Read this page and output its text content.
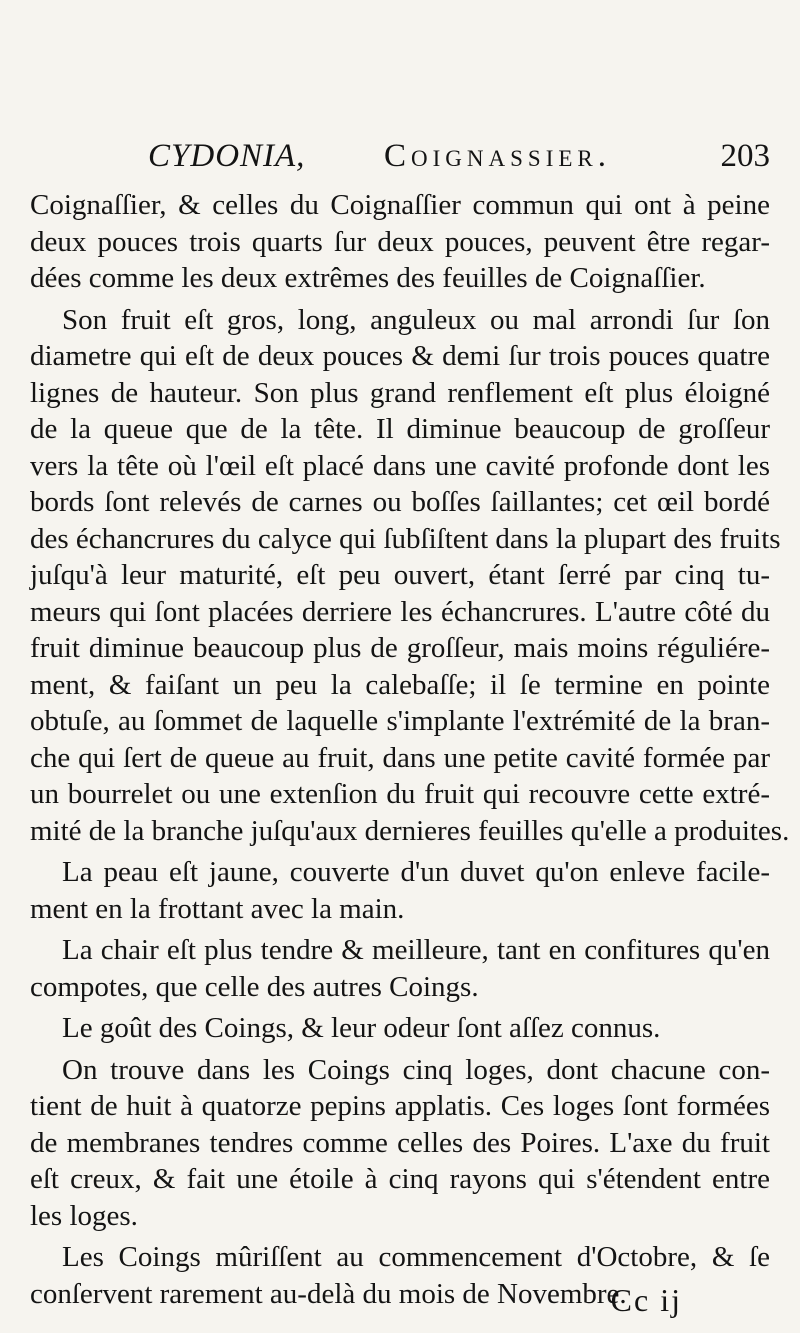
CYDONIA, Coignassier.	203
Coignaſſier, & celles du Coignaſſier commun qui ont à peine
deux pouces trois quarts ſur deux pouces, peuvent être regar-
dées comme les deux extrêmes des feuilles de Coignaſſier.
Son fruit eſt gros, long, anguleux ou mal arrondi ſur ſon
diametre qui eſt de deux pouces & demi ſur trois pouces quatre
lignes de hauteur. Son plus grand renflement eſt plus éloigné
de la queue que de la tête. Il diminue beaucoup de groſſeur
vers la tête où l'œil eſt placé dans une cavité profonde dont les
bords ſont relevés de carnes ou boſſes ſaillantes; cet œil bordé
des échancrures du calyce qui ſubſiſtent dans la plupart des fruits
juſqu'à leur maturité, eſt peu ouvert, étant ſerré par cinq tu-
meurs qui ſont placées derriere les échancrures. L'autre côté du
fruit diminue beaucoup plus de groſſeur, mais moins réguliére-
ment, & faiſant un peu la calebaſſe; il ſe termine en pointe
obtuſe, au ſommet de laquelle s'implante l'extrémité de la bran-
che qui ſert de queue au fruit, dans une petite cavité formée par
un bourrelet ou une extenſion du fruit qui recouvre cette extré-
mité de la branche juſqu'aux dernieres feuilles qu'elle a produites.
La peau eſt jaune, couverte d'un duvet qu'on enleve facile-
ment en la frottant avec la main.
La chair eſt plus tendre & meilleure, tant en confitures qu'en
compotes, que celle des autres Coings.
Le goût des Coings, & leur odeur ſont aſſez connus.
On trouve dans les Coings cinq loges, dont chacune con-
tient de huit à quatorze pepins applatis. Ces loges ſont formées
de membranes tendres comme celles des Poires. L'axe du fruit
eſt creux, & fait une étoile à cinq rayons qui s'étendent entre
les loges.
Les Coings mûriſſent au commencement d'Octobre, & ſe
conſervent rarement au-delà du mois de Novembre.
Cc ij
